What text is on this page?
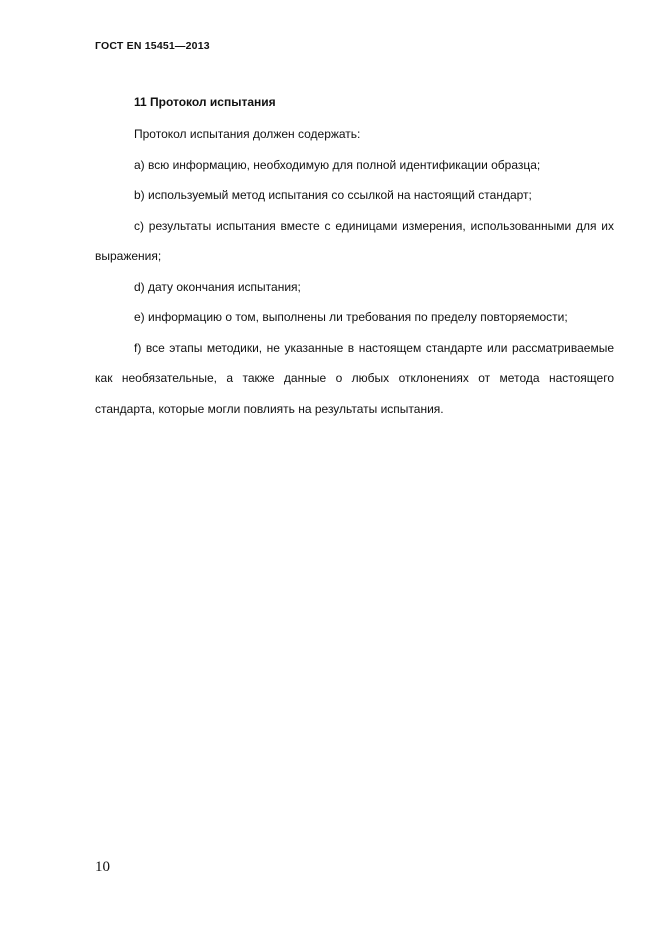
ГОСТ EN 15451—2013
11 Протокол испытания

Протокол испытания должен содержать:

а) всю информацию, необходимую для полной идентификации образца;

b) используемый метод испытания со ссылкой на настоящий стандарт;

с) результаты испытания вместе с единицами измерения, использованными для их выражения;

d) дату окончания испытания;

е) информацию о том, выполнены ли требования по пределу повторяемости;

f) все этапы методики, не указанные в настоящем стандарте или рассматриваемые как необязательные, а также данные о любых отклонениях от метода настоящего стандарта, которые могли повлиять на результаты испытания.

10
